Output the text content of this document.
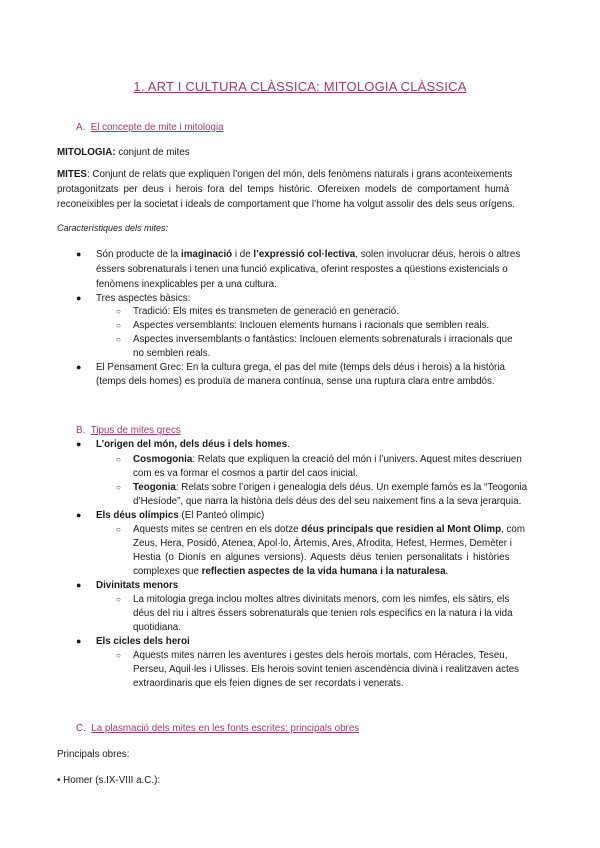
1. ART I CULTURA CLÀSSICA: MITOLOGIA CLÀSSICA
A. El concepte de mite i mitologia
MITOLOGIA: conjunt de mites
MITES: Conjunt de relats que expliquen l’origen del món, dels fenòmens naturals i grans aconteixements
protagonitzats per deus i herois fora del temps històric. Ofereixen models de comportament humà
reconeixibles per la societat i ideals de comportament que l’home ha volgut assolir des dels seus orígens.
Característiques dels mites:
● Són producte de la imaginació i de l’expressió col·lectiva, solen involucrar déus, herois o altres
éssers sobrenaturals i tenen una funció explicativa, oferint respostes a qüestions existencials o
fenòmens inexplicables per a una cultura.
● Tres aspectes bàsics:
○ Tradició: Els mites es transmeten de generació en generació.
○ Aspectes versemblants: Inclouen elements humans i racionals que semblen reals.
○ Aspectes inversemblants o fantàstics: Inclouen elements sobrenaturals i irracionals que
no semblen reals.
● El Pensament Grec: En la cultura grega, el pas del mite (temps dels déus i herois) a la història
(temps dels homes) es produïa de manera contínua, sense una ruptura clara entre ambdós.
B. Tipus de mites grecs
● L’origen del món, dels déus i dels homes.
○ Cosmogonia: Relats que expliquen la creació del món i l’univers. Aquest mites descriuen
com es va formar el cosmos a partir del caos inicial.
○ Teogonia: Relats sobre l’origen i genealogia dels déus. Un exemple famós es la “Teogonia
d’Hesíode”, que narra la història dels déus des del seu naixement fins a la seva jerarquia.
● Els déus olímpics (El Panteó olímpic)
○ Aquests mites se centren en els dotze déus principals que residien al Mont Olimp, com
Zeus, Hera, Posidó, Atenea, Apol·lo, Àrtemis, Ares, Afrodita, Hefest, Hermes, Demèter i
Hestia (o Dionís en algunes versions). Aquests déus tenien personalitats i històries
complexes que reflectien aspectes de la vida humana i la naturalesa.
● Divinitats menors
○ La mitologia grega inclou moltes altres divinitats menors, com les nimfes, els sàtirs, els
déus del riu i altres éssers sobrenaturals que tenien rols específics en la natura i la vida
quotidiana.
● Els cicles dels heroi
○ Aquests mites narren les aventures i gestes dels herois mortals, com Hèracles, Teseu,
Perseu, Aquil·les i Ulisses. Els herois sovint tenien ascendència divina i realitzaven actes
extraordinaris que els feien dignes de ser recordats i venerats.
C. La plasmació dels mites en les fonts escrites: principals obres
Principals obres:
• Homer (s.IX-VIII a.C.):
